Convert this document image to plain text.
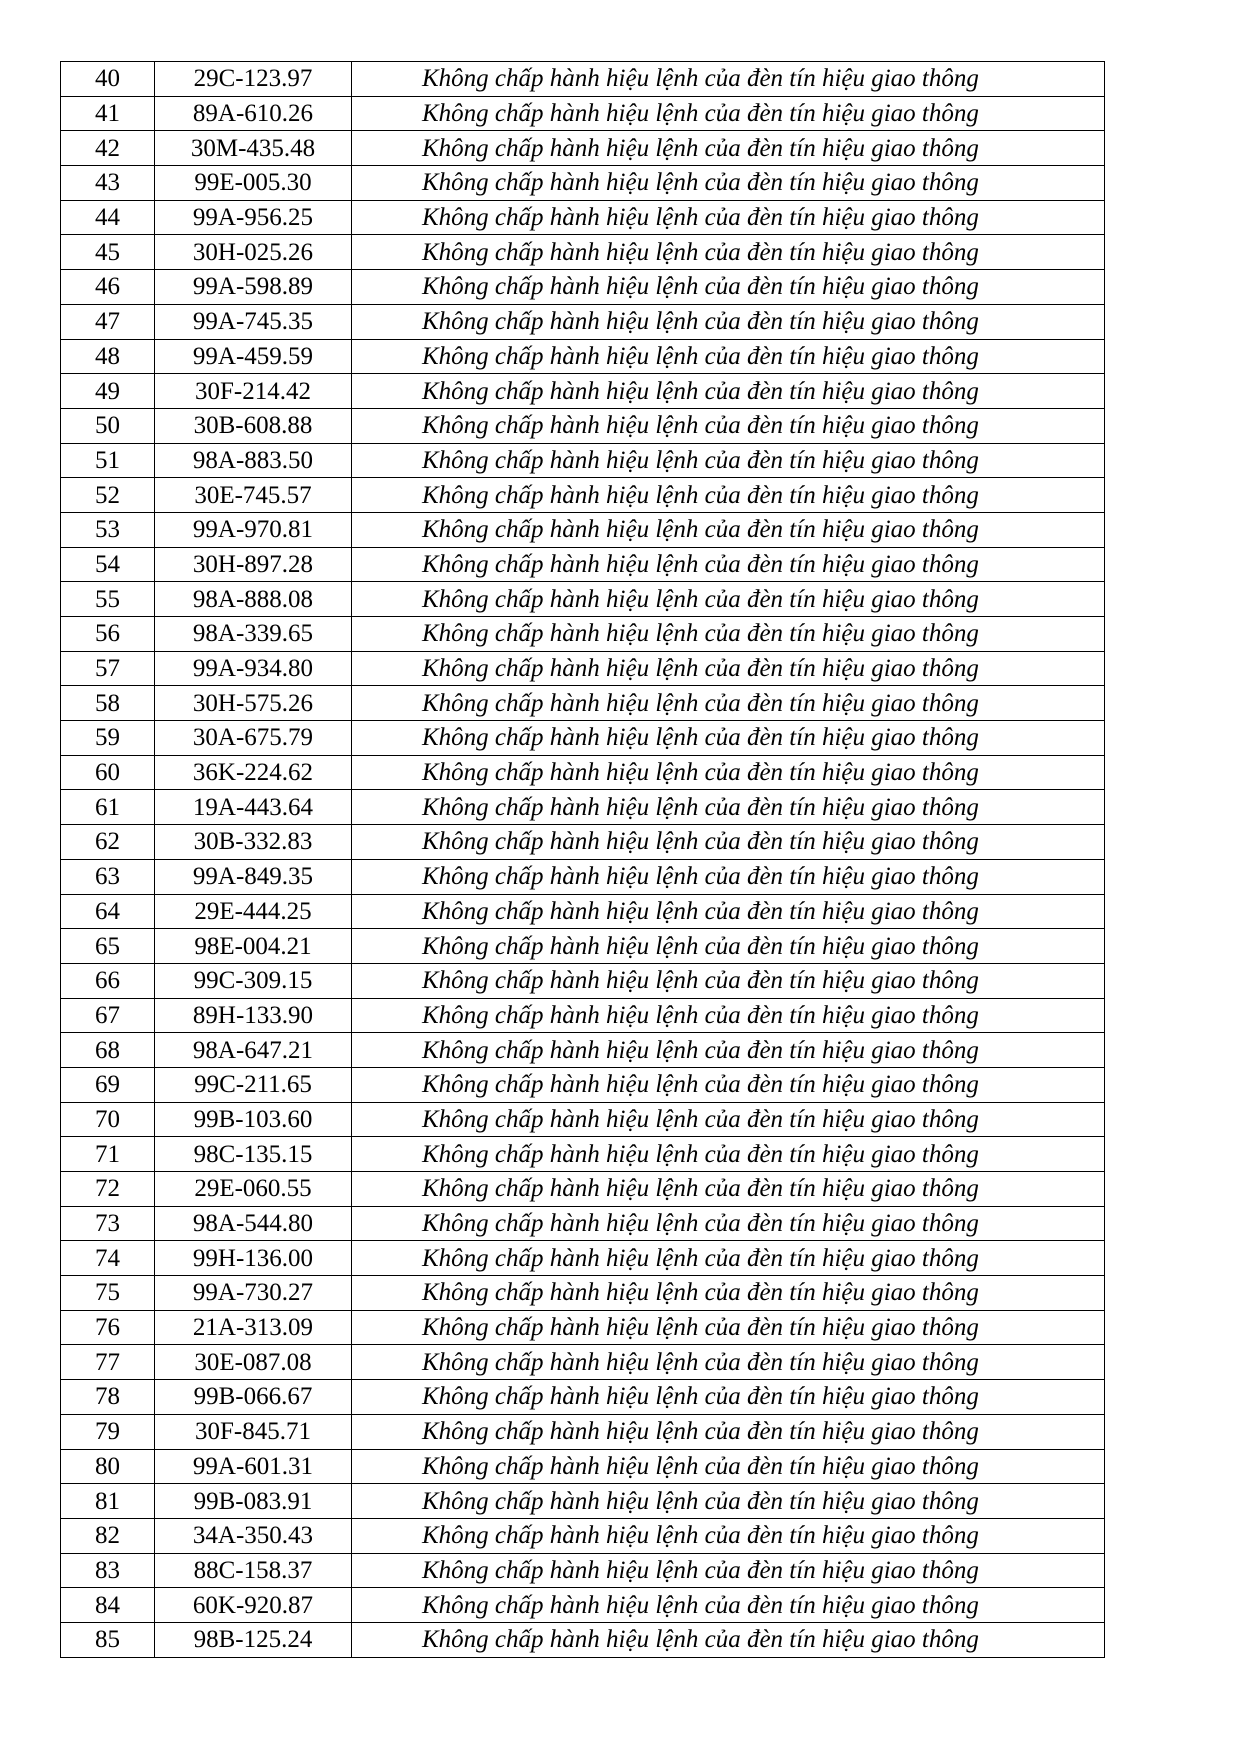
40	29C-123.97	Không chấp hành hiệu lệnh của đèn tín hiệu giao thông
41	89A-610.26	Không chấp hành hiệu lệnh của đèn tín hiệu giao thông
42	30M-435.48	Không chấp hành hiệu lệnh của đèn tín hiệu giao thông
43	99E-005.30	Không chấp hành hiệu lệnh của đèn tín hiệu giao thông
44	99A-956.25	Không chấp hành hiệu lệnh của đèn tín hiệu giao thông
45	30H-025.26	Không chấp hành hiệu lệnh của đèn tín hiệu giao thông
46	99A-598.89	Không chấp hành hiệu lệnh của đèn tín hiệu giao thông
47	99A-745.35	Không chấp hành hiệu lệnh của đèn tín hiệu giao thông
48	99A-459.59	Không chấp hành hiệu lệnh của đèn tín hiệu giao thông
49	30F-214.42	Không chấp hành hiệu lệnh của đèn tín hiệu giao thông
50	30B-608.88	Không chấp hành hiệu lệnh của đèn tín hiệu giao thông
51	98A-883.50	Không chấp hành hiệu lệnh của đèn tín hiệu giao thông
52	30E-745.57	Không chấp hành hiệu lệnh của đèn tín hiệu giao thông
53	99A-970.81	Không chấp hành hiệu lệnh của đèn tín hiệu giao thông
54	30H-897.28	Không chấp hành hiệu lệnh của đèn tín hiệu giao thông
55	98A-888.08	Không chấp hành hiệu lệnh của đèn tín hiệu giao thông
56	98A-339.65	Không chấp hành hiệu lệnh của đèn tín hiệu giao thông
57	99A-934.80	Không chấp hành hiệu lệnh của đèn tín hiệu giao thông
58	30H-575.26	Không chấp hành hiệu lệnh của đèn tín hiệu giao thông
59	30A-675.79	Không chấp hành hiệu lệnh của đèn tín hiệu giao thông
60	36K-224.62	Không chấp hành hiệu lệnh của đèn tín hiệu giao thông
61	19A-443.64	Không chấp hành hiệu lệnh của đèn tín hiệu giao thông
62	30B-332.83	Không chấp hành hiệu lệnh của đèn tín hiệu giao thông
63	99A-849.35	Không chấp hành hiệu lệnh của đèn tín hiệu giao thông
64	29E-444.25	Không chấp hành hiệu lệnh của đèn tín hiệu giao thông
65	98E-004.21	Không chấp hành hiệu lệnh của đèn tín hiệu giao thông
66	99C-309.15	Không chấp hành hiệu lệnh của đèn tín hiệu giao thông
67	89H-133.90	Không chấp hành hiệu lệnh của đèn tín hiệu giao thông
68	98A-647.21	Không chấp hành hiệu lệnh của đèn tín hiệu giao thông
69	99C-211.65	Không chấp hành hiệu lệnh của đèn tín hiệu giao thông
70	99B-103.60	Không chấp hành hiệu lệnh của đèn tín hiệu giao thông
71	98C-135.15	Không chấp hành hiệu lệnh của đèn tín hiệu giao thông
72	29E-060.55	Không chấp hành hiệu lệnh của đèn tín hiệu giao thông
73	98A-544.80	Không chấp hành hiệu lệnh của đèn tín hiệu giao thông
74	99H-136.00	Không chấp hành hiệu lệnh của đèn tín hiệu giao thông
75	99A-730.27	Không chấp hành hiệu lệnh của đèn tín hiệu giao thông
76	21A-313.09	Không chấp hành hiệu lệnh của đèn tín hiệu giao thông
77	30E-087.08	Không chấp hành hiệu lệnh của đèn tín hiệu giao thông
78	99B-066.67	Không chấp hành hiệu lệnh của đèn tín hiệu giao thông
79	30F-845.71	Không chấp hành hiệu lệnh của đèn tín hiệu giao thông
80	99A-601.31	Không chấp hành hiệu lệnh của đèn tín hiệu giao thông
81	99B-083.91	Không chấp hành hiệu lệnh của đèn tín hiệu giao thông
82	34A-350.43	Không chấp hành hiệu lệnh của đèn tín hiệu giao thông
83	88C-158.37	Không chấp hành hiệu lệnh của đèn tín hiệu giao thông
84	60K-920.87	Không chấp hành hiệu lệnh của đèn tín hiệu giao thông
85	98B-125.24	Không chấp hành hiệu lệnh của đèn tín hiệu giao thông
